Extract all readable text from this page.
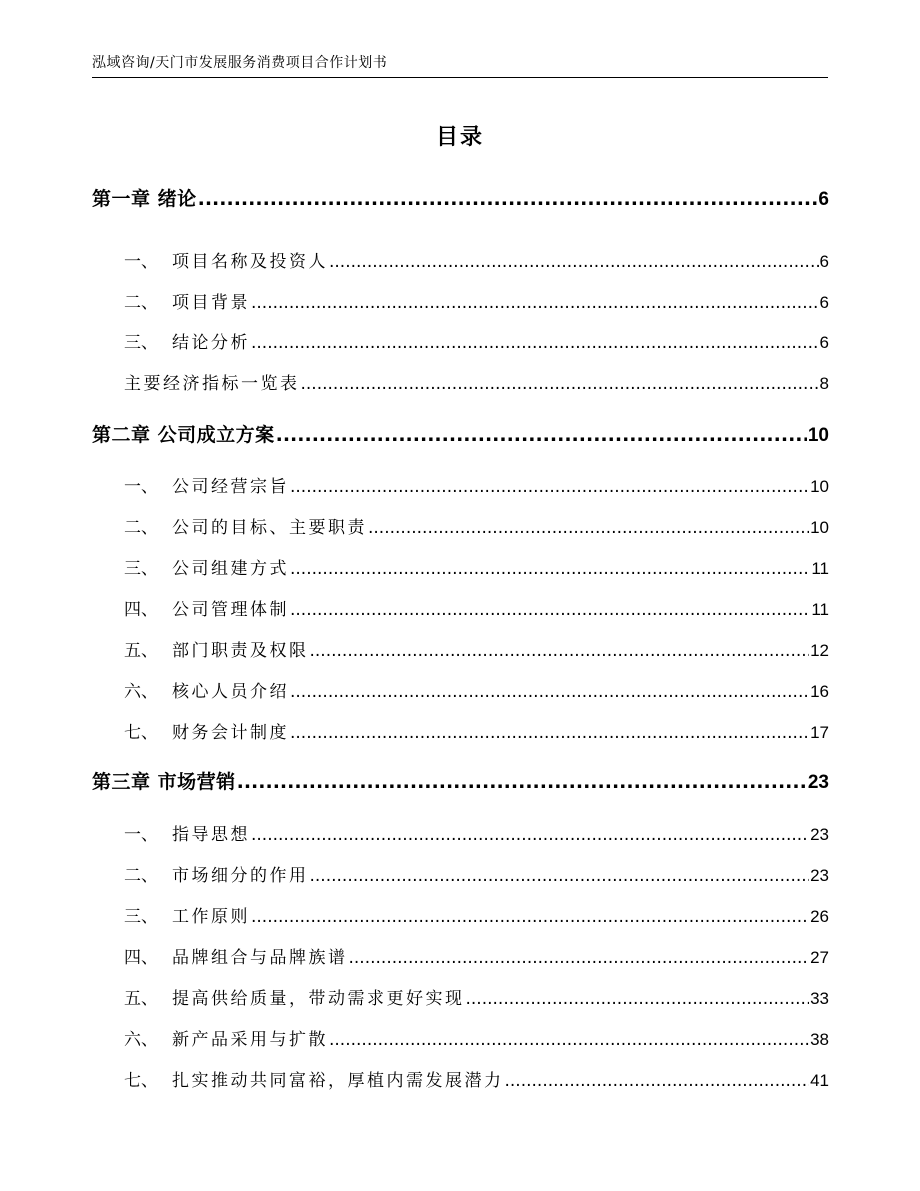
泓域咨询/天门市发展服务消费项目合作计划书
目录
第一章 绪论 .....	6
一、 项目名称及投资人 .....	6
二、 项目背景 .....	6
三、 结论分析 .....	6
主要经济指标一览表 .....	8
第二章 公司成立方案 .....	10
一、 公司经营宗旨 .....	10
二、 公司的目标、主要职责 .....	10
三、 公司组建方式 .....	11
四、 公司管理体制 .....	11
五、 部门职责及权限 .....	12
六、 核心人员介绍 .....	16
七、 财务会计制度 .....	17
第三章 市场营销 .....	23
一、 指导思想 .....	23
二、 市场细分的作用 .....	23
三、 工作原则 .....	26
四、 品牌组合与品牌族谱 .....	27
五、 提高供给质量，带动需求更好实现 .....	33
六、 新产品采用与扩散 .....	38
七、 扎实推动共同富裕，厚植内需发展潜力 .....	41
